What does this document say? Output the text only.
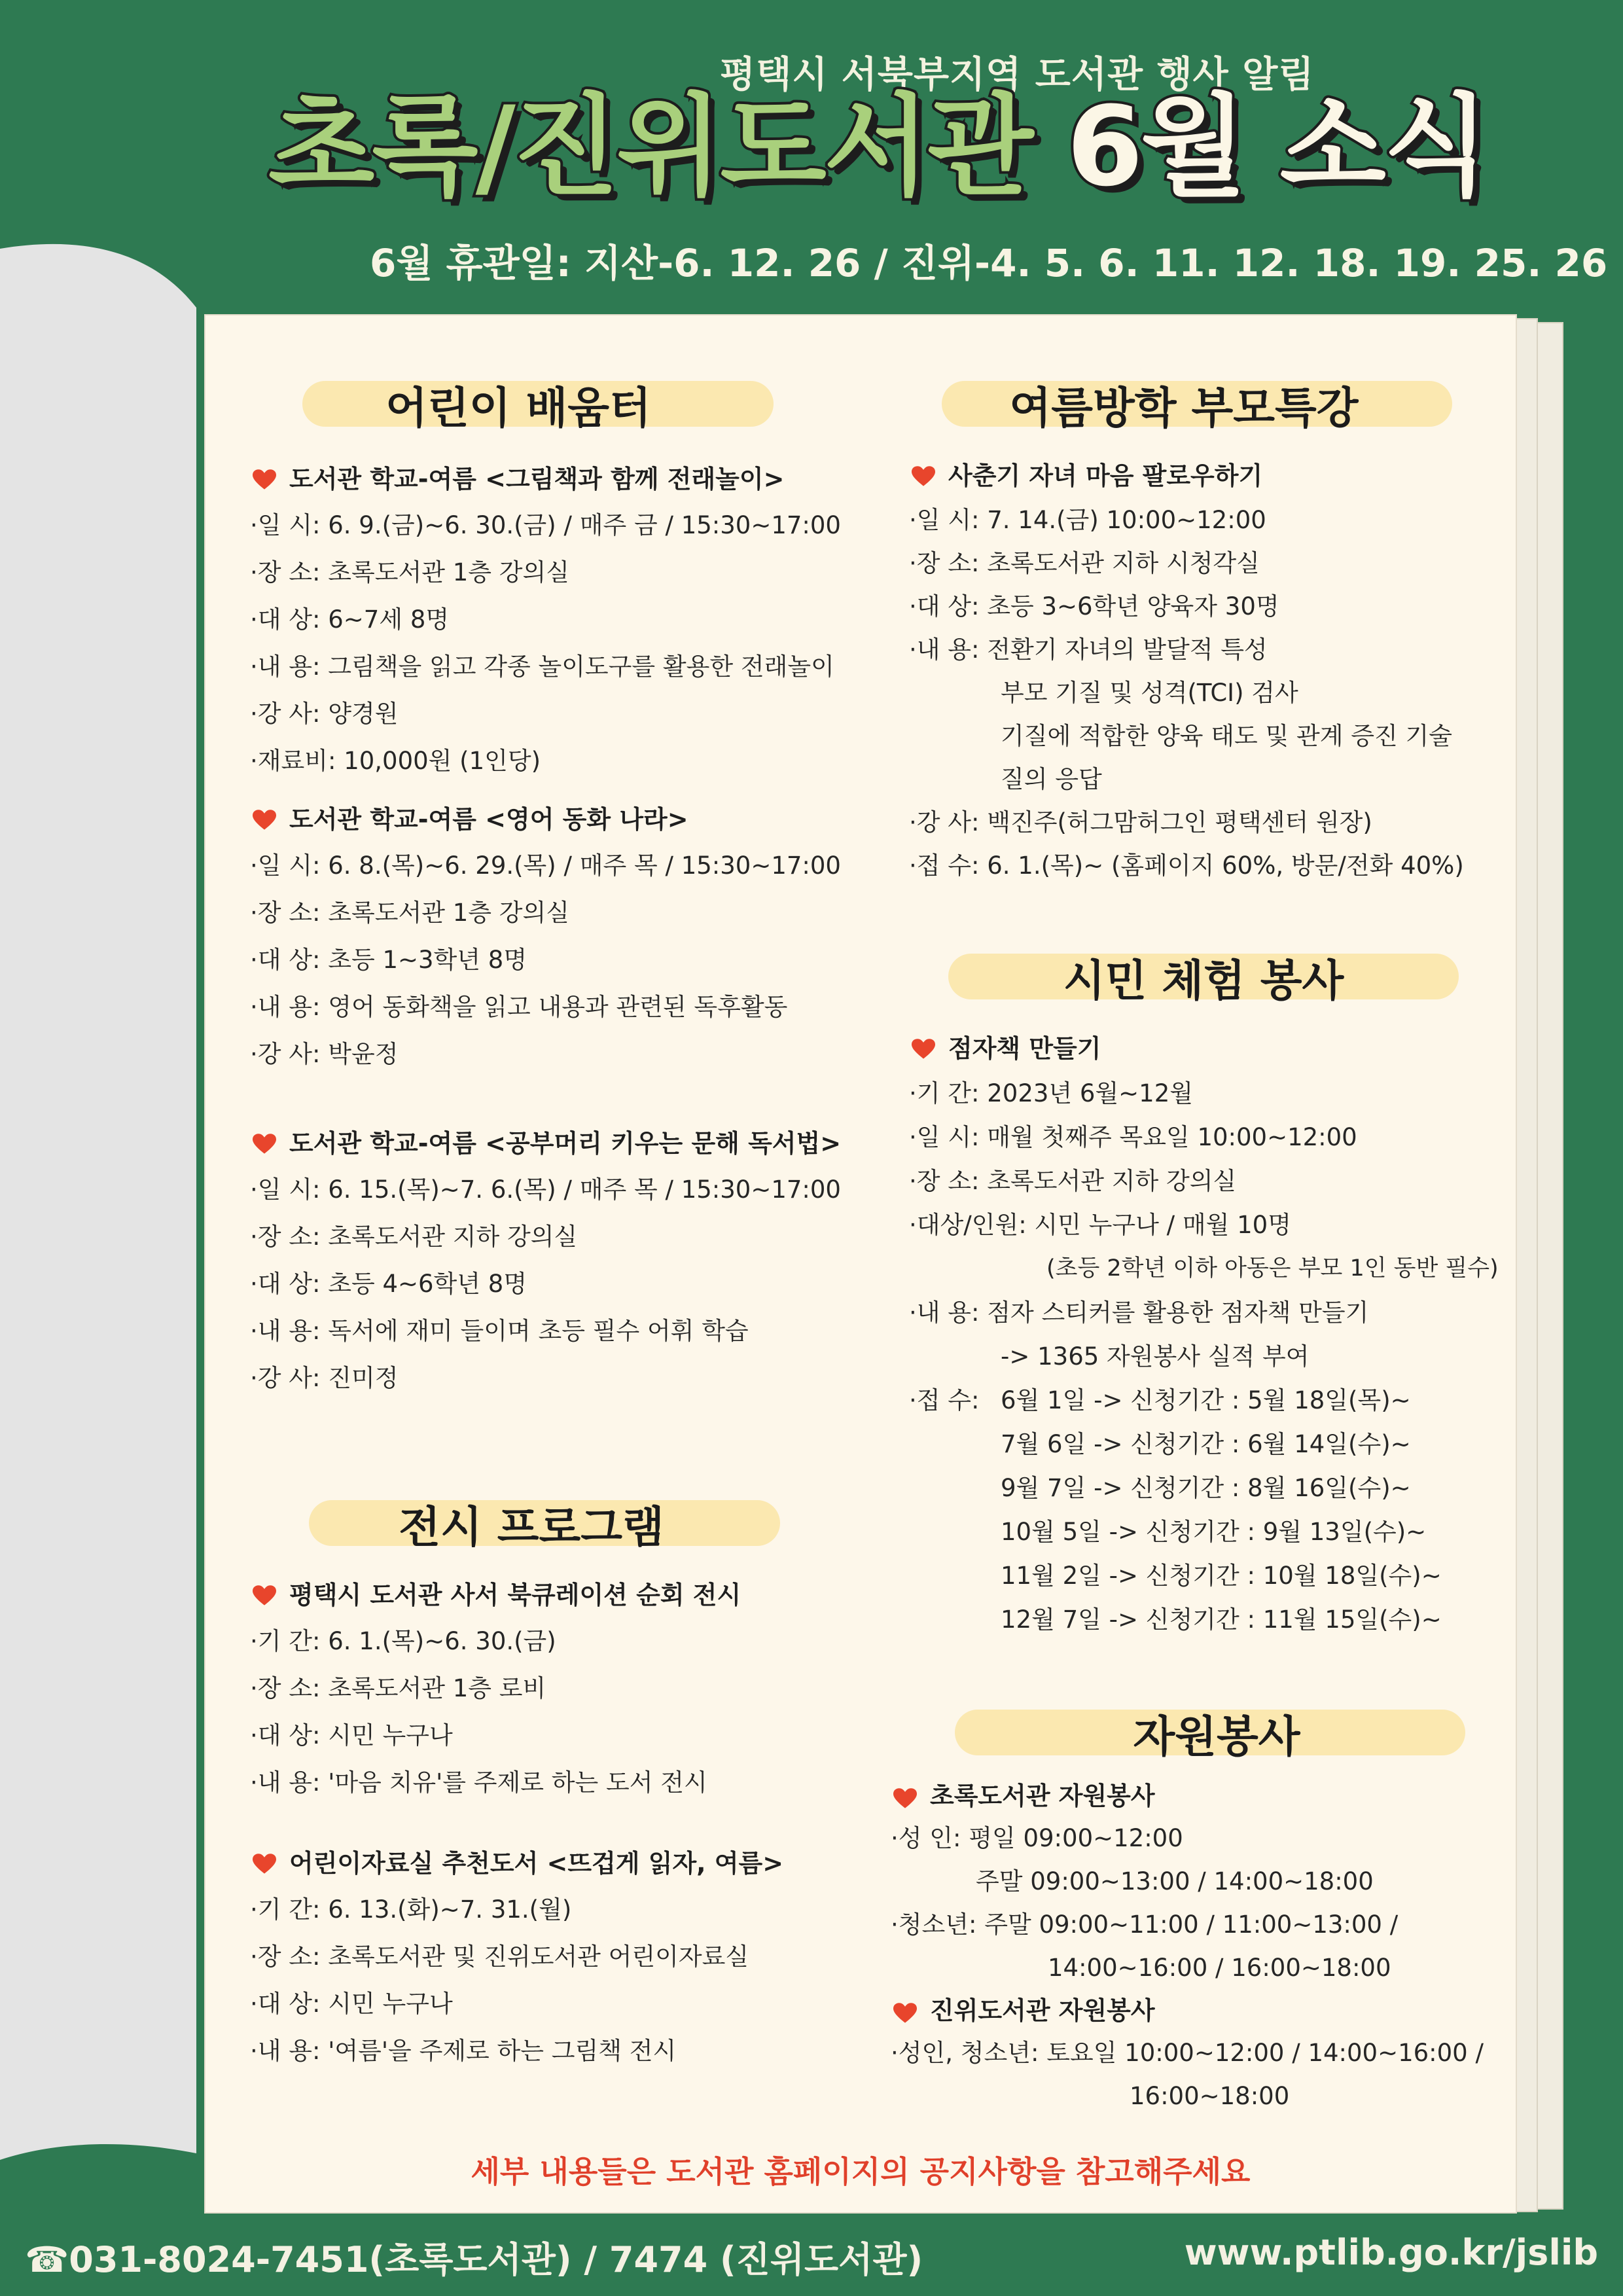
평택시 서북부지역 도서관 행사 알림
초록/진위도서관 6월 소식
6월 휴관일: 지산-6. 12. 26 / 진위-4. 5. 6. 11. 12. 18. 19. 25. 26
어린이 배움터
도서관 학교-여름 <그림책과 함께 전래놀이>
·일 시: 6. 9.(금)~6. 30.(금) / 매주 금 / 15:30~17:00
·장 소: 초록도서관 1층 강의실
·대 상: 6~7세 8명
·내 용: 그림책을 읽고 각종 놀이도구를 활용한 전래놀이
·강 사: 양경원
·재료비: 10,000원 (1인당)
도서관 학교-여름 <영어 동화 나라>
·일 시: 6. 8.(목)~6. 29.(목) / 매주 목 / 15:30~17:00
·장 소: 초록도서관 1층 강의실
·대 상: 초등 1~3학년 8명
·내 용: 영어 동화책을 읽고 내용과 관련된 독후활동
·강 사: 박윤정
도서관 학교-여름 <공부머리 키우는 문해 독서법>
·일 시: 6. 15.(목)~7. 6.(목) / 매주 목 / 15:30~17:00
·장 소: 초록도서관 지하 강의실
·대 상: 초등 4~6학년 8명
·내 용: 독서에 재미 들이며 초등 필수 어휘 학습
·강 사: 진미정
전시 프로그램
평택시 도서관 사서 북큐레이션 순회 전시
·기 간: 6. 1.(목)~6. 30.(금)
·장 소: 초록도서관 1층 로비
·대 상: 시민 누구나
·내 용: '마음 치유'를 주제로 하는 도서 전시
어린이자료실 추천도서 <뜨겁게 읽자, 여름>
·기 간: 6. 13.(화)~7. 31.(월)
·장 소: 초록도서관 및 진위도서관 어린이자료실
·대 상: 시민 누구나
·내 용: '여름'을 주제로 하는 그림책 전시
여름방학 부모특강
사춘기 자녀 마음 팔로우하기
·일 시: 7. 14.(금) 10:00~12:00
·장 소: 초록도서관 지하 시청각실
·대 상: 초등 3~6학년 양육자 30명
·내 용: 전환기 자녀의 발달적 특성
부모 기질 및 성격(TCI) 검사
기질에 적합한 양육 태도 및 관계 증진 기술
질의 응답
·강 사: 백진주(허그맘허그인 평택센터 원장)
·접 수: 6. 1.(목)~ (홈페이지 60%, 방문/전화 40%)
시민 체험 봉사
점자책 만들기
·기 간: 2023년 6월~12월
·일 시: 매월 첫째주 목요일 10:00~12:00
·장 소: 초록도서관 지하 강의실
·대상/인원: 시민 누구나 / 매월 10명
(초등 2학년 이하 아동은 부모 1인 동반 필수)
·내 용: 점자 스티커를 활용한 점자책 만들기
-> 1365 자원봉사 실적 부여
·접 수: 6월 1일 -> 신청기간 : 5월 18일(목)~
7월 6일 -> 신청기간 : 6월 14일(수)~
9월 7일 -> 신청기간 : 8월 16일(수)~
10월 5일 -> 신청기간 : 9월 13일(수)~
11월 2일 -> 신청기간 : 10월 18일(수)~
12월 7일 -> 신청기간 : 11월 15일(수)~
자원봉사
초록도서관 자원봉사
·성 인: 평일 09:00~12:00
주말 09:00~13:00 / 14:00~18:00
·청소년: 주말 09:00~11:00 / 11:00~13:00 /
14:00~16:00 / 16:00~18:00
진위도서관 자원봉사
·성인, 청소년: 토요일 10:00~12:00 / 14:00~16:00 /
16:00~18:00
세부 내용들은 도서관 홈페이지의 공지사항을 참고해주세요
☎031-8024-7451(초록도서관) / 7474 (진위도서관)	www.ptlib.go.kr/jslib
